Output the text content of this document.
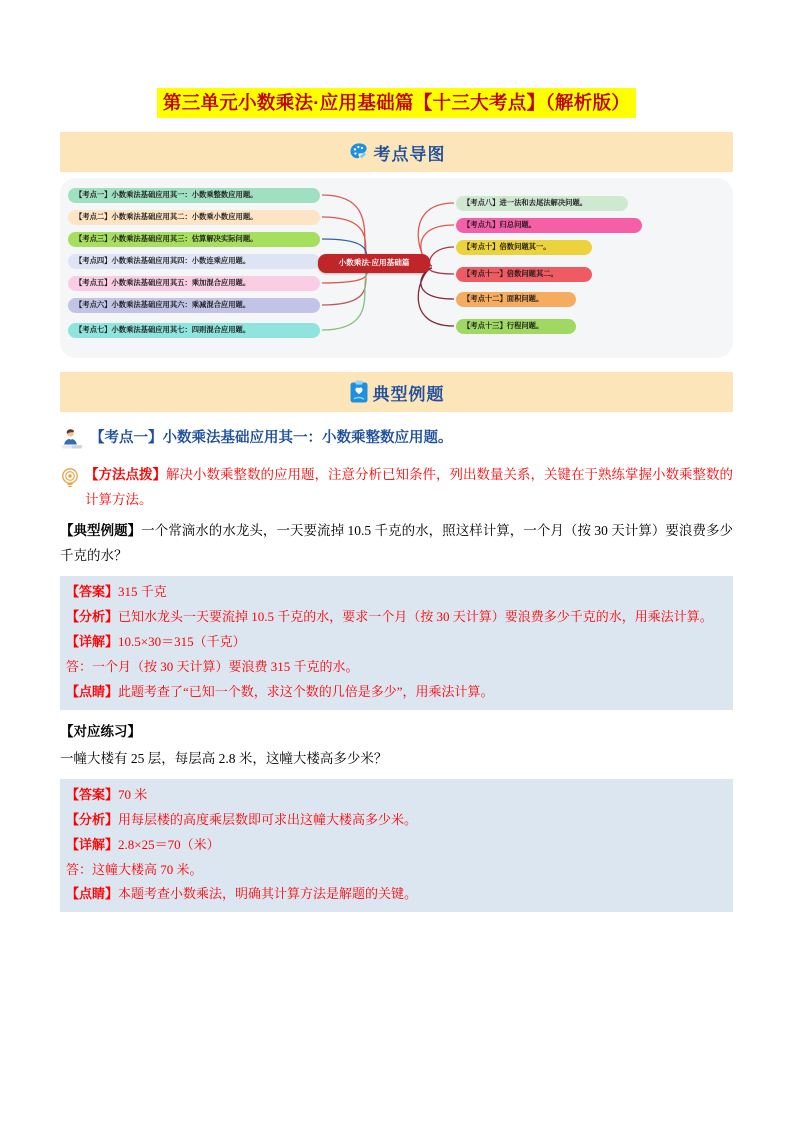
第三单元小数乘法·应用基础篇【十三大考点】（解析版）
考点导图
【考点一】小数乘法基础应用其一：小数乘整数应用题。
【考点二】小数乘法基础应用其二：小数乘小数应用题。
【考点三】小数乘法基础应用其三：估算解决实际问题。
【考点四】小数乘法基础应用其四：小数连乘应用题。
【考点五】小数乘法基础应用其五：乘加混合应用题。
【考点六】小数乘法基础应用其六：乘减混合应用题。
【考点七】小数乘法基础应用其七：四则混合应用题。
小数乘法·应用基础篇
【考点八】进一法和去尾法解决问题。
【考点九】归总问题。
【考点十】倍数问题其一。
【考点十一】倍数问题其二。
【考点十二】面积问题。
【考点十三】行程问题。
典型例题
【考点一】小数乘法基础应用其一：小数乘整数应用题。
【方法点拨】解决小数乘整数的应用题，注意分析已知条件，列出数量关系，关键在于熟练掌握小数乘整数的计算方法。
【典型例题】一个常滴水的水龙头，一天要流掉 10.5 千克的水，照这样计算，一个月（按 30 天计算）要浪费多少千克的水？
【答案】315 千克
【分析】已知水龙头一天要流掉 10.5 千克的水，要求一个月（按 30 天计算）要浪费多少千克的水，用乘法计算。
【详解】10.5×30＝315（千克）
答：一个月（按 30 天计算）要浪费 315 千克的水。
【点睛】此题考查了“已知一个数，求这个数的几倍是多少”，用乘法计算。
【对应练习】
一幢大楼有 25 层，每层高 2.8 米，这幢大楼高多少米？
【答案】70 米
【分析】用每层楼的高度乘层数即可求出这幢大楼高多少米。
【详解】2.8×25＝70（米）
答：这幢大楼高 70 米。
【点睛】本题考查小数乘法，明确其计算方法是解题的关键。
